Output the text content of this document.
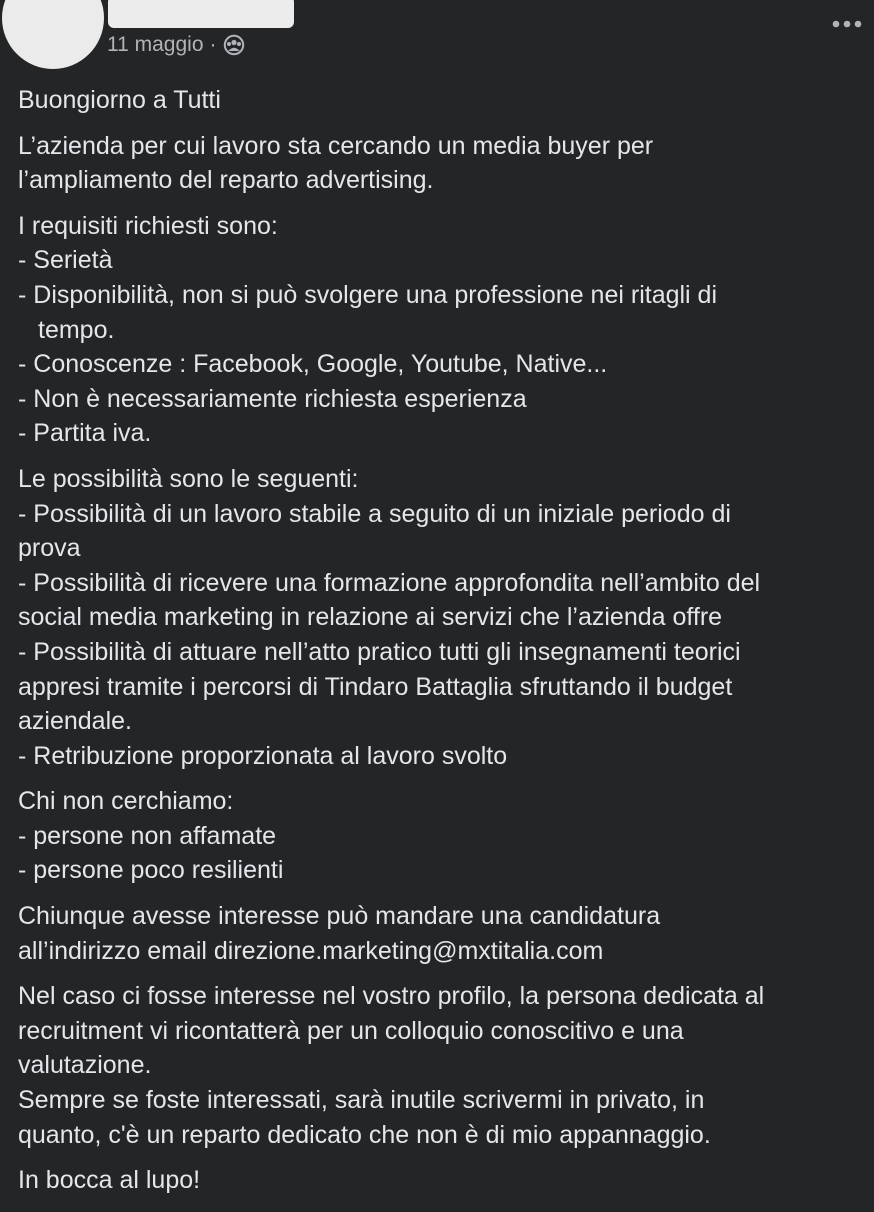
11 maggio ·
Buongiorno a Tutti
L’azienda per cui lavoro sta cercando un media buyer per
l’ampliamento del reparto advertising.
I requisiti richiesti sono:
- Serietà
- Disponibilità, non si può svolgere una professione nei ritagli di
tempo.
- Conoscenze : Facebook, Google, Youtube, Native...
- Non è necessariamente richiesta esperienza
- Partita iva.
Le possibilità sono le seguenti:
- Possibilità di un lavoro stabile a seguito di un iniziale periodo di
prova
- Possibilità di ricevere una formazione approfondita nell’ambito del
social media marketing in relazione ai servizi che l’azienda offre
- Possibilità di attuare nell’atto pratico tutti gli insegnamenti teorici
appresi tramite i percorsi di Tindaro Battaglia sfruttando il budget
aziendale.
- Retribuzione proporzionata al lavoro svolto
Chi non cerchiamo:
- persone non affamate
- persone poco resilienti
Chiunque avesse interesse può mandare una candidatura
all’indirizzo email direzione.marketing@mxtitalia.com
Nel caso ci fosse interesse nel vostro profilo, la persona dedicata al
recruitment vi ricontatterà per un colloquio conoscitivo e una
valutazione.
Sempre se foste interessati, sarà inutile scrivermi in privato, in
quanto, c'è un reparto dedicato che non è di mio appannaggio.
In bocca al lupo!
